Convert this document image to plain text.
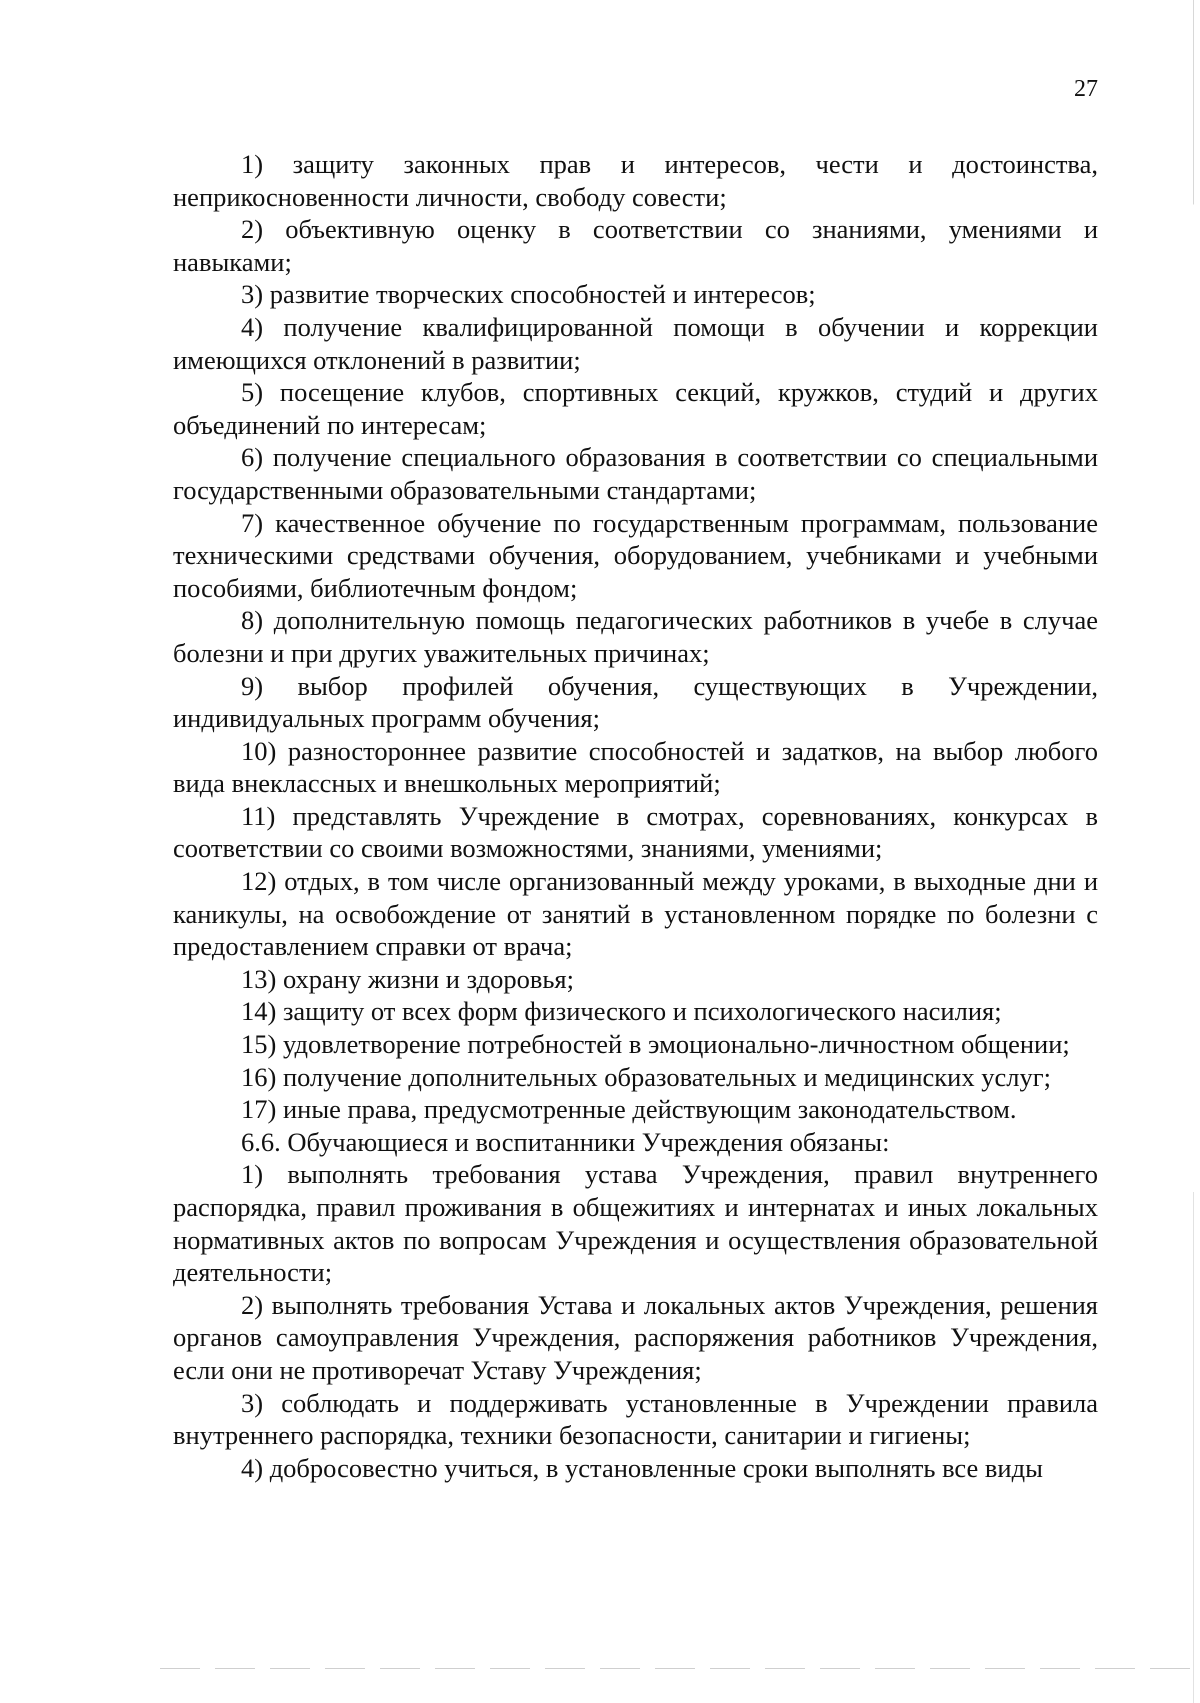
27

1) защиту законных прав и интересов, чести и достоинства, неприкосновенности личности, свободу совести;

2) объективную оценку в соответствии со знаниями, умениями и навыками;

3) развитие творческих способностей и интересов;

4) получение квалифицированной помощи в обучении и коррекции имеющихся отклонений в развитии;

5) посещение клубов, спортивных секций, кружков, студий и других объединений по интересам;

6) получение специального образования в соответствии со специальными государственными образовательными стандартами;

7) качественное обучение по государственным программам, пользование техническими средствами обучения, оборудованием, учебниками и учебными пособиями, библиотечным фондом;

8) дополнительную помощь педагогических работников в учебе в случае болезни и при других уважительных причинах;

9) выбор профилей обучения, существующих в Учреждении, индивидуальных программ обучения;

10) разностороннее развитие способностей и задатков, на выбор любого вида внеклассных и внешкольных мероприятий;

11) представлять Учреждение в смотрах, соревнованиях, конкурсах в соответствии со своими возможностями, знаниями, умениями;

12) отдых, в том числе организованный между уроками, в выходные дни и каникулы, на освобождение от занятий в установленном порядке по болезни с предоставлением справки от врача;

13) охрану жизни и здоровья;

14) защиту от всех форм физического и психологического насилия;

15) удовлетворение потребностей в эмоционально-личностном общении;

16) получение дополнительных образовательных и медицинских услуг;

17) иные права, предусмотренные действующим законодательством.

6.6. Обучающиеся и воспитанники Учреждения обязаны:

1) выполнять требования устава Учреждения, правил внутреннего распорядка, правил проживания в общежитиях и интернатах и иных локальных нормативных актов по вопросам Учреждения и осуществления образовательной деятельности;

2) выполнять требования Устава и локальных актов Учреждения, решения органов самоуправления Учреждения, распоряжения работников Учреждения, если они не противоречат Уставу Учреждения;

3) соблюдать и поддерживать установленные в Учреждении правила внутреннего распорядка, техники безопасности, санитарии и гигиены;

4) добросовестно учиться, в установленные сроки выполнять все виды
